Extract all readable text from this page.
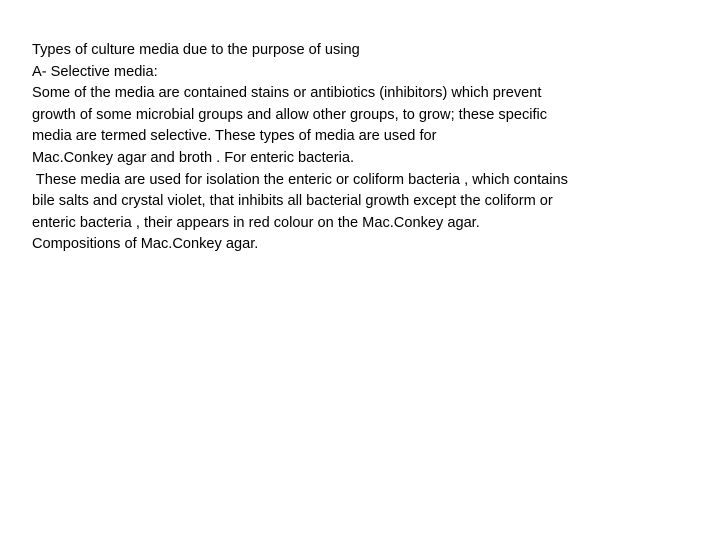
Types of culture media due to the purpose of using
A- Selective media:
Some of the media are contained stains or antibiotics (inhibitors) which prevent
growth of some microbial groups and allow other groups, to grow; these specific
media are termed selective. These types of media are used for
Mac.Conkey agar and broth . For enteric bacteria.
These media are used for isolation the enteric or coliform bacteria , which contains
bile salts and crystal violet, that inhibits all bacterial growth except the coliform or
enteric bacteria , their appears in red colour on the Mac.Conkey agar.
Compositions of Mac.Conkey agar.
